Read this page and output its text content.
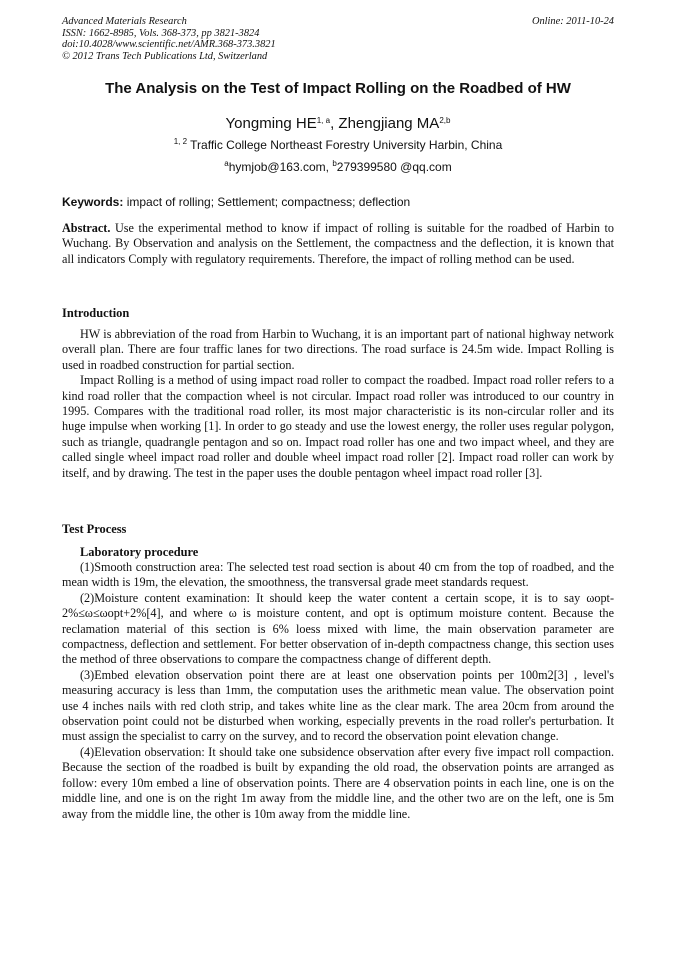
Advanced Materials Research
ISSN: 1662-8985, Vols. 368-373, pp 3821-3824
doi:10.4028/www.scientific.net/AMR.368-373.3821
© 2012 Trans Tech Publications Ltd, Switzerland
Online: 2011-10-24
The Analysis on the Test of Impact Rolling on the Roadbed of HW
Yongming HE$^{1, a}$, Zhengjiang MA$^{2,b}$
$^{1, 2}$ Traffic College Northeast Forestry University Harbin, China
$^a$hymjob@163.com, $^b$279399580 @qq.com
Keywords: impact of rolling; Settlement; compactness; deflection

Abstract. Use the experimental method to know if impact of rolling is suitable for the roadbed of Harbin to Wuchang. By Observation and analysis on the Settlement, the compactness and the deflection, it is known that all indicators Comply with regulatory requirements. Therefore, the impact of rolling method can be used.

Introduction

HW is abbreviation of the road from Harbin to Wuchang, it is an important part of national highway network overall plan. There are four traffic lanes for two directions. The road surface is 24.5m wide. Impact Rolling is used in roadbed construction for partial section.

Impact Rolling is a method of using impact road roller to compact the roadbed. Impact road roller refers to a kind road roller that the compaction wheel is not circular. Impact road roller was introduced to our country in 1995. Compares with the traditional road roller, its most major characteristic is its non-circular roller and its huge impulse when working [1]. In order to go steady and use the lowest energy, the roller uses regular polygon, such as triangle, quadrangle pentagon and so on. Impact road roller has one and two impact wheel, and they are called single wheel impact road roller and double wheel impact road roller [2]. Impact road roller can work by itself, and by drawing. The test in the paper uses the double pentagon wheel impact road roller [3].

Test Process
Laboratory procedure

(1)Smooth construction area: The selected test road section is about 40 cm from the top of roadbed, and the mean width is 19m, the elevation, the smoothness, the transversal grade meet standards request.

(2)Moisture content examination: It should keep the water content a certain scope, it is to say ωopt-2%≤ω≤ωopt+2%[4], and where ω is moisture content, and opt is optimum moisture content. Because the reclamation material of this section is 6% loess mixed with lime, the main observation parameter are compactness, deflection and settlement. For better observation of in-depth compactness change, this section uses the method of three observations to compare the compactness change of different depth.

(3)Embed elevation observation point there are at least one observation points per 100m2[3] , level's measuring accuracy is less than 1mm, the computation uses the arithmetic mean value. The observation point use 4 inches nails with red cloth strip, and takes white line as the clear mark. The area 20cm from around the observation point could not be disturbed when working, especially prevents in the road roller's perturbation. It must assign the specialist to carry on the survey, and to record the observation point elevation change.

(4)Elevation observation: It should take one subsidence observation after every five impact roll compaction. Because the section of the roadbed is built by expanding the old road, the observation points are arranged as follow: every 10m embed a line of observation points. There are 4 observation points in each line, one is on the middle line, and one is on the right 1m away from the middle line, and the other two are on the left, one is 5m away from the middle line, the other is 10m away from the middle line.
